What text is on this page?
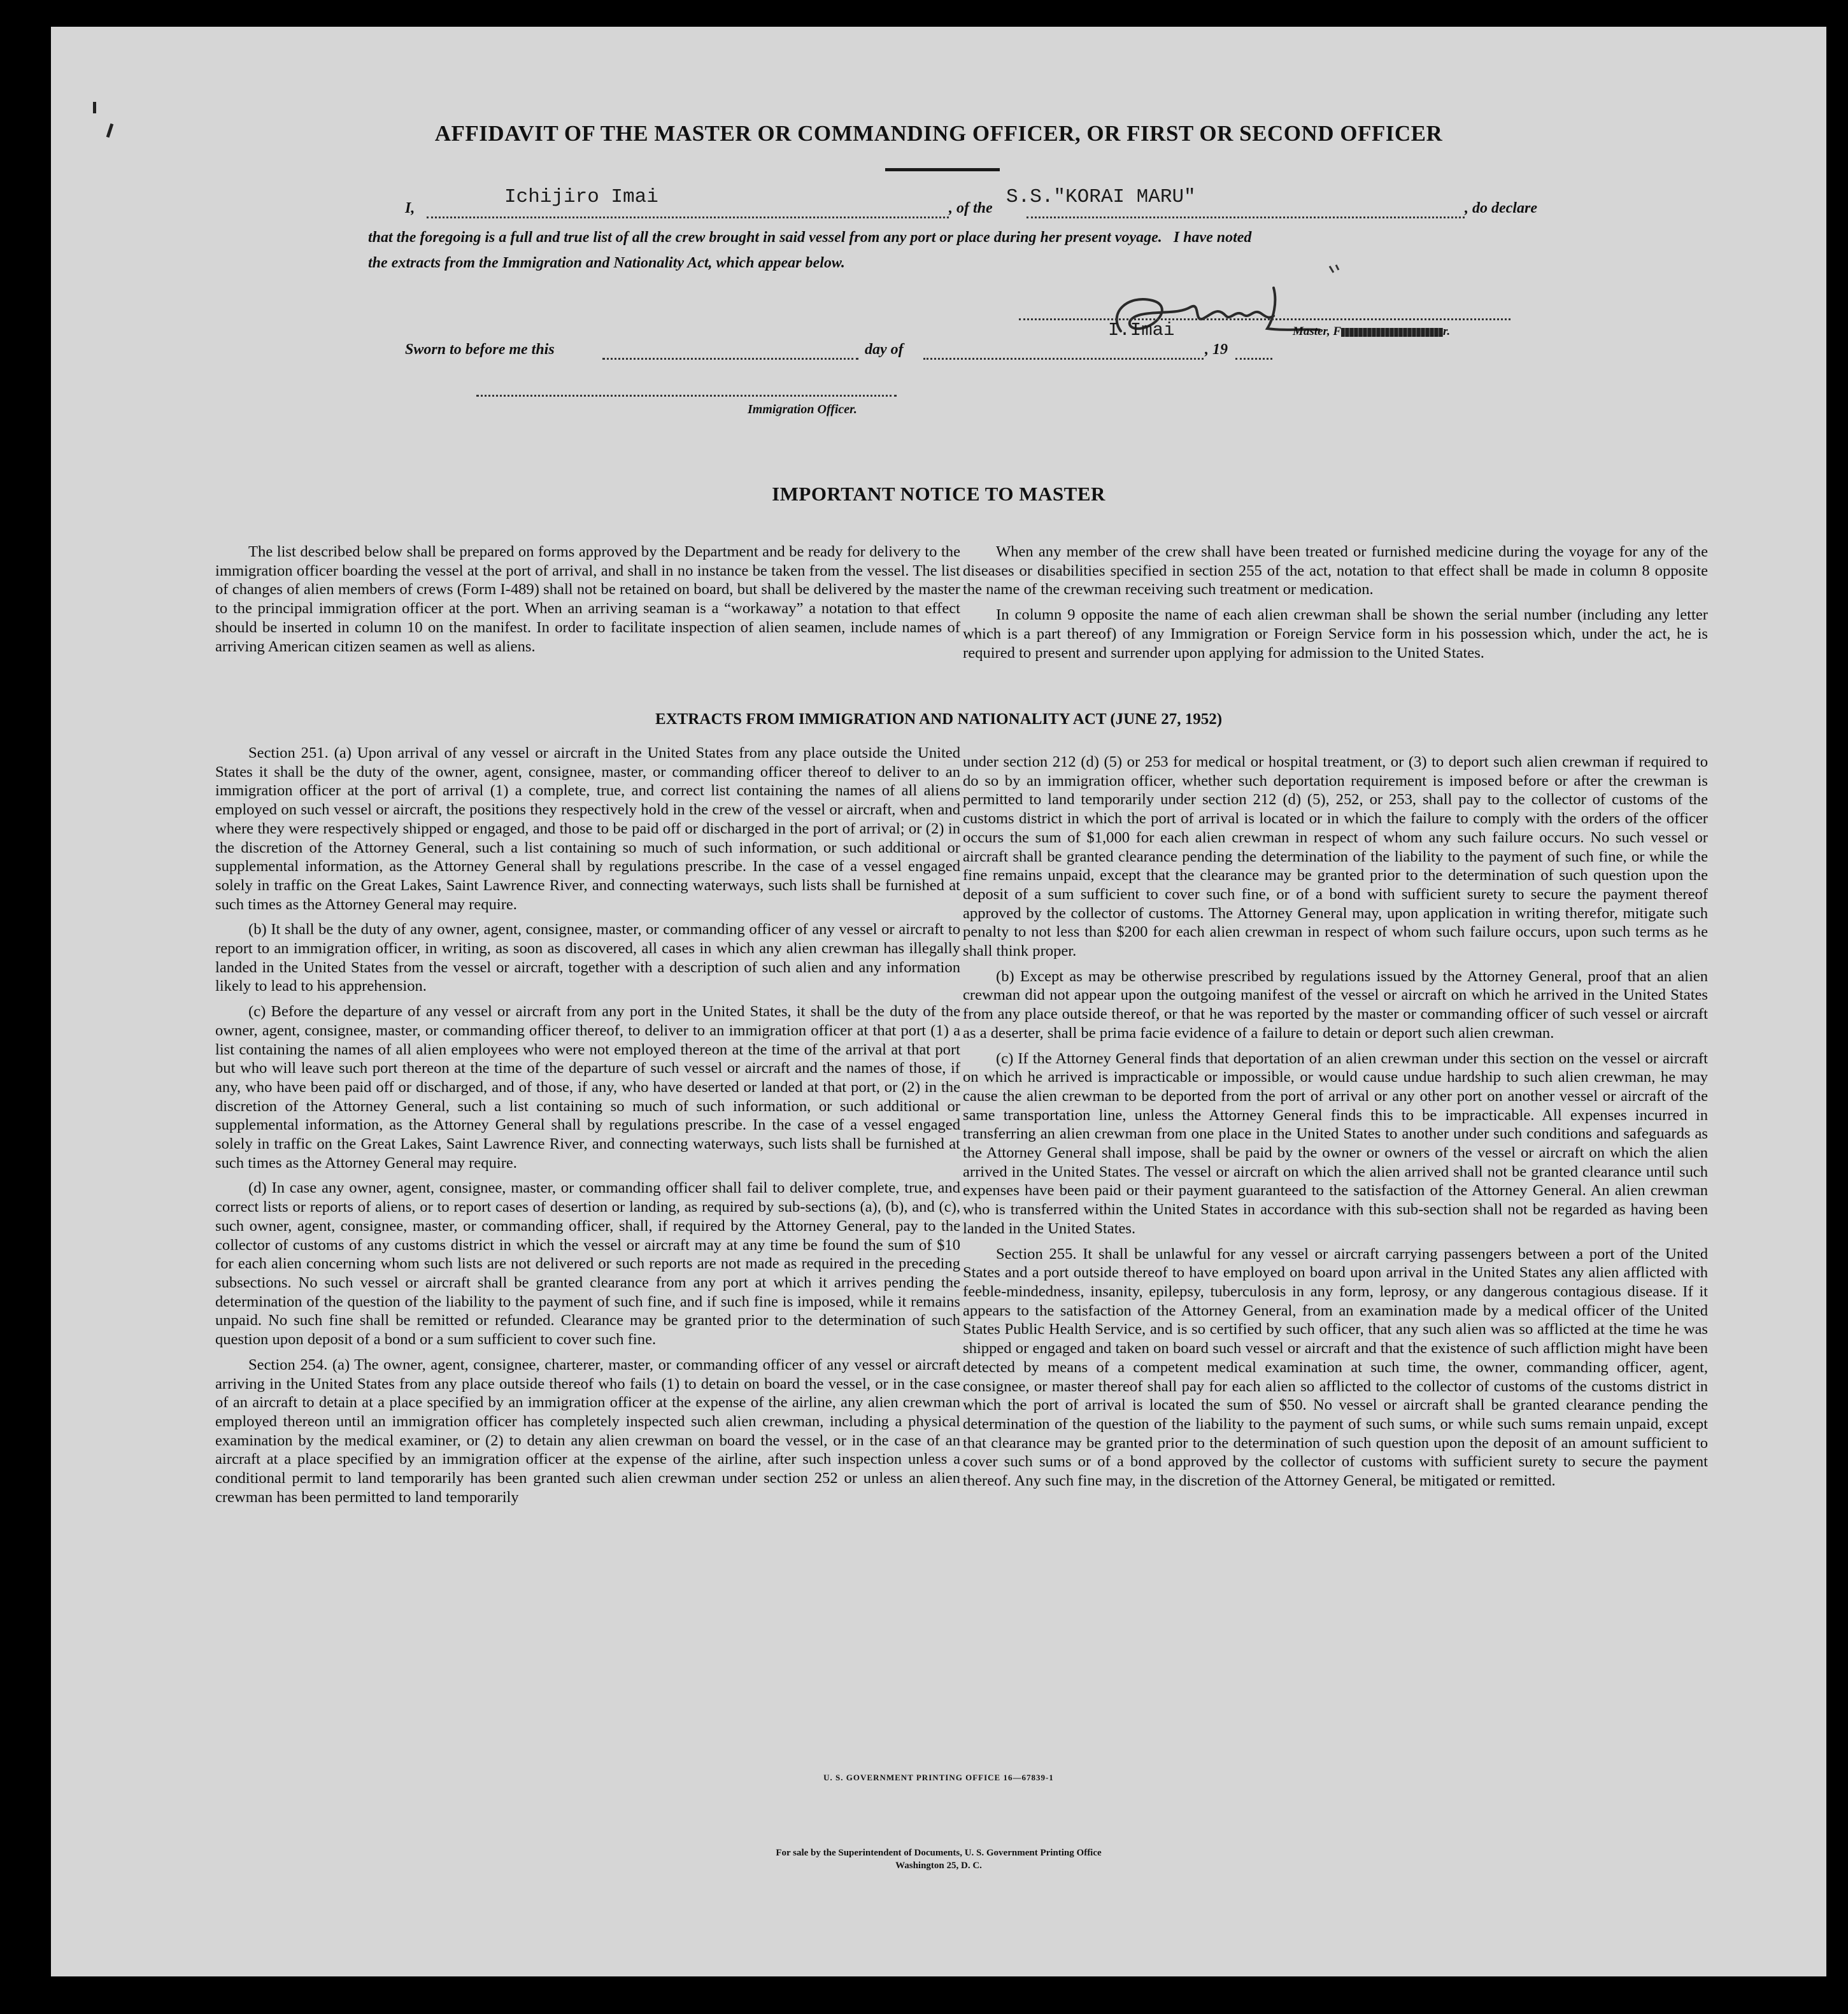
AFFIDAVIT OF THE MASTER OR COMMANDING OFFICER, OR FIRST OR SECOND OFFICER
I,	Ichijiro Imai	, of the S.S."KORAI MARU"	, do declare
that the foregoing is a full and true list of all the crew brought in said vessel from any port or place during her present voyage.   I have noted
the extracts from the Immigration and Nationality Act, which appear below.
I.Imai	Master, F	r.
Sworn to before me this	day of	, 19
Immigration Officer.
IMPORTANT NOTICE TO MASTER

The list described below shall be prepared on forms approved by the Department and be ready for delivery to the immigration officer boarding the vessel at the port of arrival, and shall in no instance be taken from the vessel. The list of changes of alien members of crews (Form I-489) shall not be retained on board, but shall be delivered by the master to the principal immigration officer at the port. When an arriving seaman is a “workaway” a notation to that effect should be inserted in column 10 on the manifest. In order to facilitate inspection of alien seamen, include names of arriving American citizen seamen as well as aliens.

When any member of the crew shall have been treated or furnished medicine during the voyage for any of the diseases or disabilities specified in section 255 of the act, notation to that effect shall be made in column 8 opposite the name of the crewman receiving such treatment or medication.

In column 9 opposite the name of each alien crewman shall be shown the serial number (including any letter which is a part thereof) of any Immigration or Foreign Service form in his possession which, under the act, he is required to present and surrender upon applying for admission to the United States.

EXTRACTS FROM IMMIGRATION AND NATIONALITY ACT (JUNE 27, 1952)

Section 251. (a) Upon arrival of any vessel or aircraft in the United States from any place outside the United States it shall be the duty of the owner, agent, consignee, master, or commanding officer thereof to deliver to an immigration officer at the port of arrival (1) a complete, true, and correct list containing the names of all aliens employed on such vessel or aircraft, the positions they respectively hold in the crew of the vessel or aircraft, when and where they were respectively shipped or engaged, and those to be paid off or discharged in the port of arrival; or (2) in the discretion of the Attorney General, such a list containing so much of such information, or such additional or supplemental information, as the Attorney General shall by regulations prescribe. In the case of a vessel engaged solely in traffic on the Great Lakes, Saint Lawrence River, and connecting waterways, such lists shall be furnished at such times as the Attorney General may require.

(b) It shall be the duty of any owner, agent, consignee, master, or commanding officer of any vessel or aircraft to report to an immigration officer, in writing, as soon as discovered, all cases in which any alien crewman has illegally landed in the United States from the vessel or aircraft, together with a description of such alien and any information likely to lead to his apprehension.

(c) Before the departure of any vessel or aircraft from any port in the United States, it shall be the duty of the owner, agent, consignee, master, or commanding officer thereof, to deliver to an immigration officer at that port (1) a list containing the names of all alien employees who were not employed thereon at the time of the arrival at that port but who will leave such port thereon at the time of the departure of such vessel or aircraft and the names of those, if any, who have been paid off or discharged, and of those, if any, who have deserted or landed at that port, or (2) in the discretion of the Attorney General, such a list containing so much of such information, or such additional or supplemental information, as the Attorney General shall by regulations prescribe. In the case of a vessel engaged solely in traffic on the Great Lakes, Saint Lawrence River, and connecting waterways, such lists shall be furnished at such times as the Attorney General may require.

(d) In case any owner, agent, consignee, master, or commanding officer shall fail to deliver complete, true, and correct lists or reports of aliens, or to report cases of desertion or landing, as required by sub-sections (a), (b), and (c), such owner, agent, consignee, master, or commanding officer, shall, if required by the Attorney General, pay to the collector of customs of any customs district in which the vessel or aircraft may at any time be found the sum of $10 for each alien concerning whom such lists are not delivered or such reports are not made as required in the preceding subsections. No such vessel or aircraft shall be granted clearance from any port at which it arrives pending the determination of the question of the liability to the payment of such fine, and if such fine is imposed, while it remains unpaid. No such fine shall be remitted or refunded. Clearance may be granted prior to the determination of such question upon deposit of a bond or a sum sufficient to cover such fine.

Section 254. (a) The owner, agent, consignee, charterer, master, or commanding officer of any vessel or aircraft arriving in the United States from any place outside thereof who fails (1) to detain on board the vessel, or in the case of an aircraft to detain at a place specified by an immigration officer at the expense of the airline, any alien crewman employed thereon until an immigration officer has completely inspected such alien crewman, including a physical examination by the medical examiner, or (2) to detain any alien crewman on board the vessel, or in the case of an aircraft at a place specified by an immigration officer at the expense of the airline, after such inspection unless a conditional permit to land temporarily has been granted such alien crewman under section 252 or unless an alien crewman has been permitted to land temporarily

under section 212 (d) (5) or 253 for medical or hospital treatment, or (3) to deport such alien crewman if required to do so by an immigration officer, whether such deportation requirement is imposed before or after the crewman is permitted to land temporarily under section 212 (d) (5), 252, or 253, shall pay to the collector of customs of the customs district in which the port of arrival is located or in which the failure to comply with the orders of the officer occurs the sum of $1,000 for each alien crewman in respect of whom any such failure occurs. No such vessel or aircraft shall be granted clearance pending the determination of the liability to the payment of such fine, or while the fine remains unpaid, except that the clearance may be granted prior to the determination of such question upon the deposit of a sum sufficient to cover such fine, or of a bond with sufficient surety to secure the payment thereof approved by the collector of customs. The Attorney General may, upon application in writing therefor, mitigate such penalty to not less than $200 for each alien crewman in respect of whom such failure occurs, upon such terms as he shall think proper.

(b) Except as may be otherwise prescribed by regulations issued by the Attorney General, proof that an alien crewman did not appear upon the outgoing manifest of the vessel or aircraft on which he arrived in the United States from any place outside thereof, or that he was reported by the master or commanding officer of such vessel or aircraft as a deserter, shall be prima facie evidence of a failure to detain or deport such alien crewman.

(c) If the Attorney General finds that deportation of an alien crewman under this section on the vessel or aircraft on which he arrived is impracticable or impossible, or would cause undue hardship to such alien crewman, he may cause the alien crewman to be deported from the port of arrival or any other port on another vessel or aircraft of the same transportation line, unless the Attorney General finds this to be impracticable. All expenses incurred in transferring an alien crewman from one place in the United States to another under such conditions and safeguards as the Attorney General shall impose, shall be paid by the owner or owners of the vessel or aircraft on which the alien arrived in the United States. The vessel or aircraft on which the alien arrived shall not be granted clearance until such expenses have been paid or their payment guaranteed to the satisfaction of the Attorney General. An alien crewman who is transferred within the United States in accordance with this sub-section shall not be regarded as having been landed in the United States.

Section 255. It shall be unlawful for any vessel or aircraft carrying passengers between a port of the United States and a port outside thereof to have employed on board upon arrival in the United States any alien afflicted with feeble-mindedness, insanity, epilepsy, tuberculosis in any form, leprosy, or any dangerous contagious disease. If it appears to the satisfaction of the Attorney General, from an examination made by a medical officer of the United States Public Health Service, and is so certified by such officer, that any such alien was so afflicted at the time he was shipped or engaged and taken on board such vessel or aircraft and that the existence of such affliction might have been detected by means of a competent medical examination at such time, the owner, commanding officer, agent, consignee, or master thereof shall pay for each alien so afflicted to the collector of customs of the customs district in which the port of arrival is located the sum of $50. No vessel or aircraft shall be granted clearance pending the determination of the question of the liability to the payment of such sums, or while such sums remain unpaid, except that clearance may be granted prior to the determination of such question upon the deposit of an amount sufficient to cover such sums or of a bond approved by the collector of customs with sufficient surety to secure the payment thereof. Any such fine may, in the discretion of the Attorney General, be mitigated or remitted.

U. S. GOVERNMENT PRINTING OFFICE 16—67839-1
For sale by the Superintendent of Documents, U. S. Government Printing Office
Washington 25, D. C.
